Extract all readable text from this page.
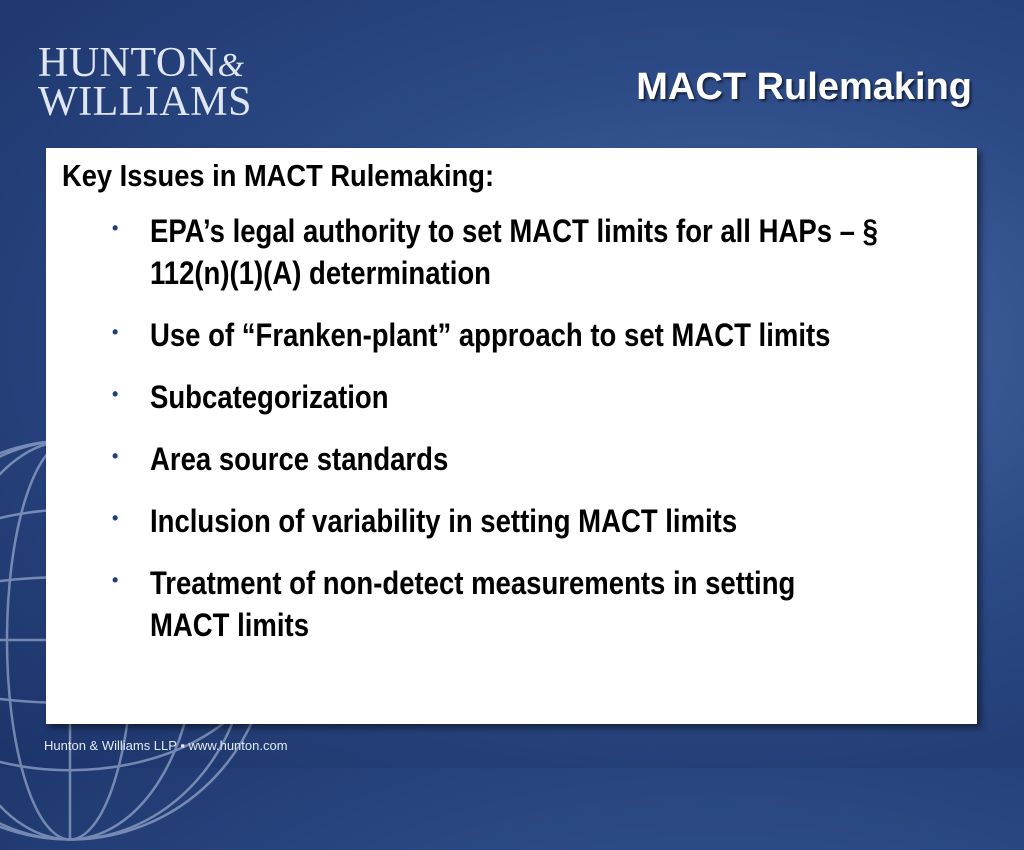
HUNTON&
WILLIAMS	MACT Rulemaking
Key Issues in MACT Rulemaking:
• EPA’s legal authority to set MACT limits for all HAPs – § 112(n)(1)(A) determination
• Use of “Franken-plant” approach to set MACT limits
• Subcategorization
• Area source standards
• Inclusion of variability in setting MACT limits
• Treatment of non-detect measurements in setting MACT limits
Hunton & Williams LLP ▪ www.hunton.com
